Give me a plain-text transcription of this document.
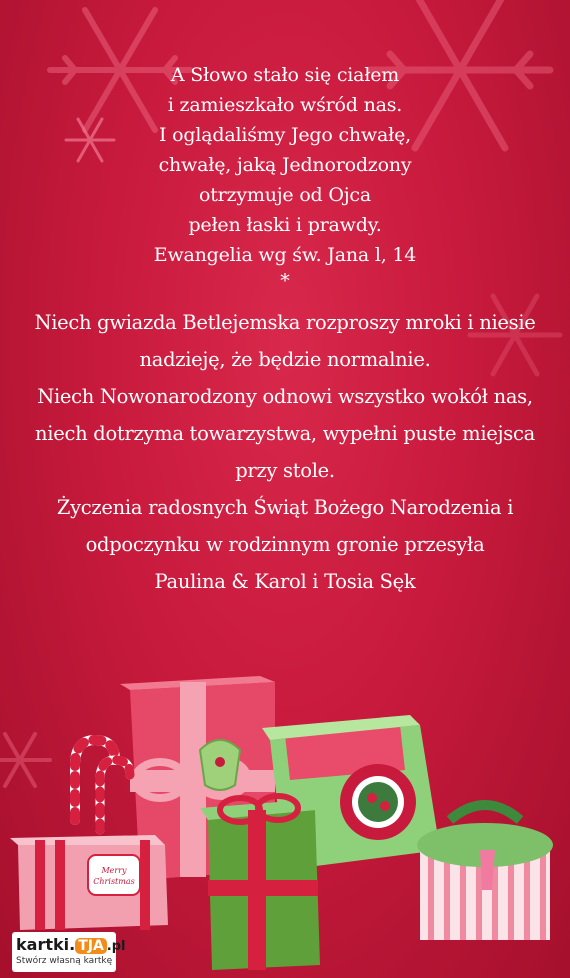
A Słowo stało się ciałem

i zamieszkało wśród nas.

I oglądaliśmy Jego chwałę,

chwałę, jaką Jednorodzony

otrzymuje od Ojca

pełen łaski i prawdy.

Ewangelia wg św. Jana l, 14

*

Niech gwiazda Betlejemska rozproszy mroki i niesie

nadzieję, że będzie normalnie.

Niech Nowonarodzony odnowi wszystko wokół nas,

niech dotrzyma towarzystwa, wypełni puste miejsca

przy stole.

Życzenia radosnych Świąt Bożego Narodzenia i

odpoczynku w rodzinnym gronie przesyła

Paulina & Karol i Tosia Sęk

Merry Christmas
kartki. TJA .pl
Stwórz własną kartkę
